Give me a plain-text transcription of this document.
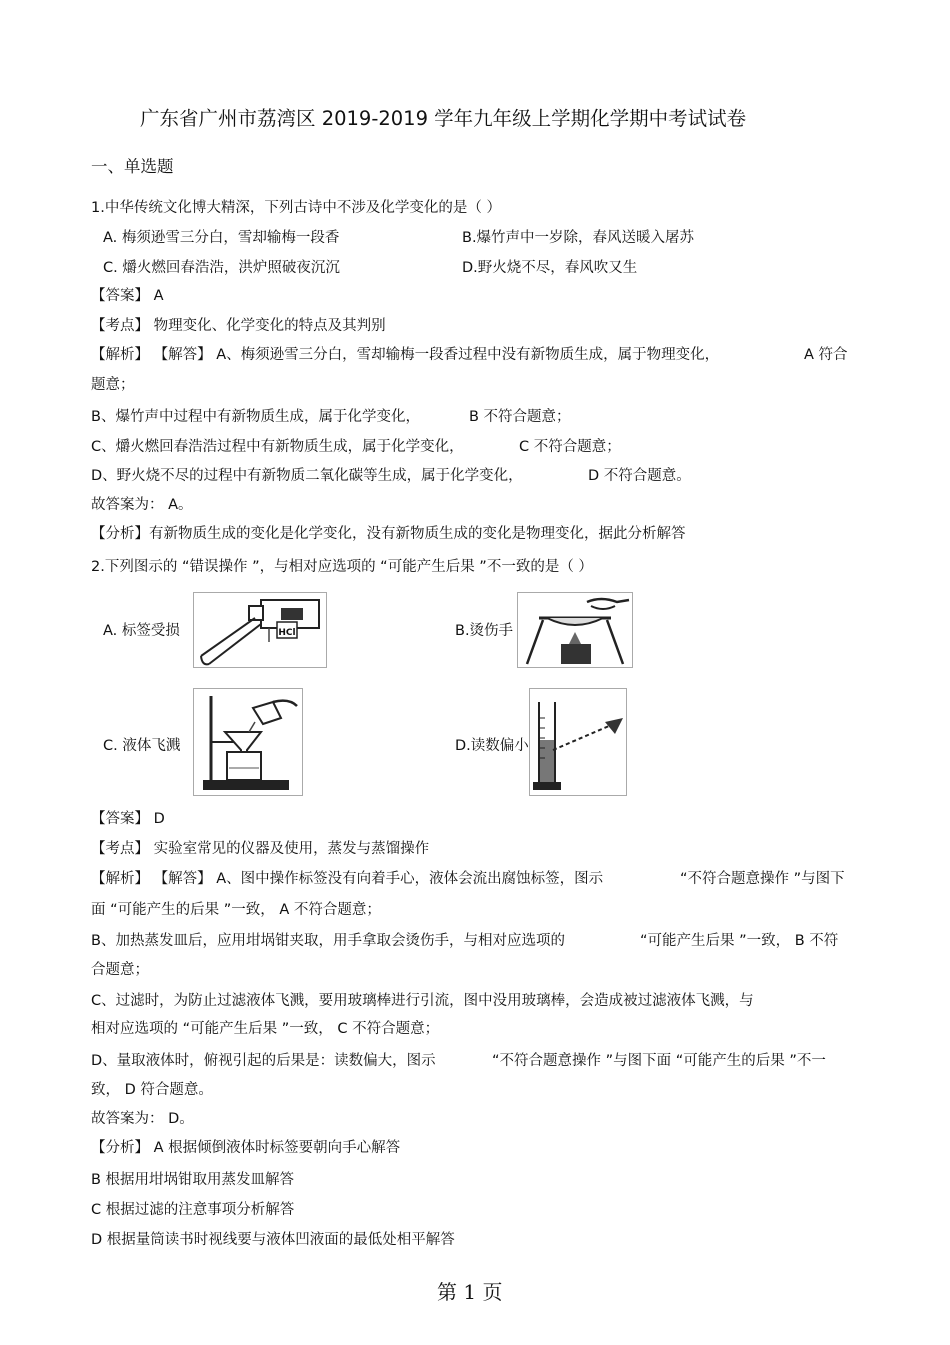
广东省广州市荔湾区 2019-2019 学年九年级上学期化学期中考试试卷
一、单选题
1.中华传统文化博大精深，下列古诗中不涉及化学变化的是（ ）
A. 梅须逊雪三分白，雪却输梅一段香	B.爆竹声中一岁除，春风送暖入屠苏
C. 爝火燃回春浩浩，洪炉照破夜沉沉	D.野火烧不尽，春风吹又生
【答案】 A
【考点】 物理变化、化学变化的特点及其判别
【解析】 【解答】 A、梅须逊雪三分白，雪却输梅一段香过程中没有新物质生成，属于物理变化，	A 符合
题意；
B、爆竹声中过程中有新物质生成，属于化学变化，	B 不符合题意；
C、爝火燃回春浩浩过程中有新物质生成，属于化学变化，	C 不符合题意；
D、野火烧不尽的过程中有新物质二氧化碳等生成，属于化学变化，	D 不符合题意。
故答案为： A。
【分析】有新物质生成的变化是化学变化，没有新物质生成的变化是物理变化，据此分析解答
2.下列图示的 “错误操作 ”，与相对应选项的 “可能产生后果 ”不一致的是（ ）
A. 标签受损	HCl	B.烫伤手
C. 液体飞溅	D.读数偏小
【答案】 D
【考点】 实验室常见的仪器及使用，蒸发与蒸馏操作
【解析】 【解答】 A、图中操作标签没有向着手心，液体会流出腐蚀标签，图示	“不符合题意操作 ”与图下
面 “可能产生的后果 ”一致， A 不符合题意；
B、加热蒸发皿后，应用坩埚钳夹取，用手拿取会烫伤手，与相对应选项的	“可能产生后果 ”一致， B 不符
合题意；
C、过滤时，为防止过滤液体飞溅，要用玻璃棒进行引流，图中没用玻璃棒，会造成被过滤液体飞溅，与
相对应选项的 “可能产生后果 ”一致， C 不符合题意；
D、量取液体时，俯视引起的后果是：读数偏大，图示	“不符合题意操作 ”与图下面 “可能产生的后果 ”不一
致， D 符合题意。
故答案为： D。
【分析】 A 根据倾倒液体时标签要朝向手心解答
B 根据用坩埚钳取用蒸发皿解答
C 根据过滤的注意事项分析解答
D 根据量筒读书时视线要与液体凹液面的最低处相平解答
第 1 页
